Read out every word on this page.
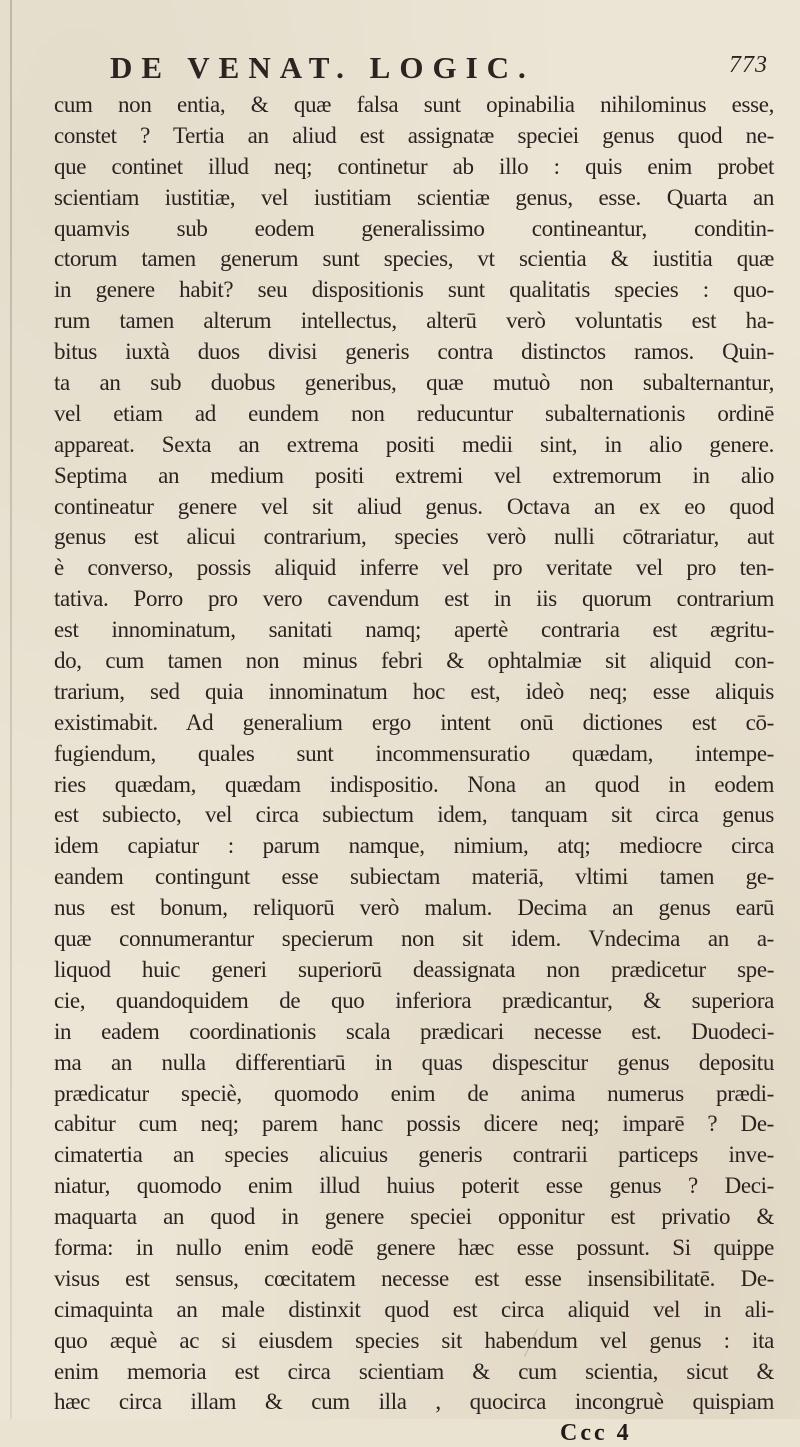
DE VENAT. LOGIC.	773
cum non entia, & quæ falsa sunt opinabilia nihilominus esse,
constet ? Tertia an aliud est assignatæ speciei genus quod ne-
que continet illud neq; continetur ab illo : quis enim probet
scientiam iustitiæ, vel iustitiam scientiæ genus, esse. Quarta an
quamvis sub eodem generalissimo contineantur, conditin-
ctorum tamen generum sunt species, vt scientia & iustitia quæ
in genere habit? seu dispositionis sunt qualitatis species : quo-
rum tamen alterum intellectus, alterū verò voluntatis est ha-
bitus iuxtà duos divisi generis contra distinctos ramos. Quin-
ta an sub duobus generibus, quæ mutuò non subalternantur,
vel etiam ad eundem non reducuntur subalternationis ordinē
appareat. Sexta an extrema positi medii sint, in alio genere.
Septima an medium positi extremi vel extremorum in alio
contineatur genere vel sit aliud genus. Octava an ex eo quod
genus est alicui contrarium, species verò nulli cōtrariatur, aut
è converso, possis aliquid inferre vel pro veritate vel pro ten-
tativa. Porro pro vero cavendum est in iis quorum contrarium
est innominatum, sanitati namq; apertè contraria est ægritu-
do, cum tamen non minus febri & ophtalmiæ sit aliquid con-
trarium, sed quia innominatum hoc est, ideò neq; esse aliquis
existimabit. Ad generalium ergo intent onū dictiones est cō-
fugiendum, quales sunt incommensuratio quædam, intempe-
ries quædam, quædam indispositio. Nona an quod in eodem
est subiecto, vel circa subiectum idem, tanquam sit circa genus
idem capiatur : parum namque, nimium, atq; mediocre circa
eandem contingunt esse subiectam materiā, vltimi tamen ge-
nus est bonum, reliquorū verò malum. Decima an genus earū
quæ connumerantur specierum non sit idem. Vndecima an a-
liquod huic generi superiorū deassignata non prædicetur spe-
cie, quandoquidem de quo inferiora prædicantur, & superiora
in eadem coordinationis scala prædicari necesse est. Duodeci-
ma an nulla differentiarū in quas dispescitur genus depositu
prædicatur speciè, quomodo enim de anima numerus prædi-
cabitur cum neq; parem hanc possis dicere neq; imparē ? De-
cimatertia an species alicuius generis contrarii particeps inve-
niatur, quomodo enim illud huius poterit esse genus ? Deci-
maquarta an quod in genere speciei opponitur est privatio &
forma: in nullo enim eodē genere hæc esse possunt. Si quippe
visus est sensus, cœcitatem necesse est esse insensibilitatē. De-
cimaquinta an male distinxit quod est circa aliquid vel in ali-
quo æquè ac si eiusdem species sit habendum vel genus : ita
enim memoria est circa scientiam & cum scientia, sicut &
hæc circa illam & cum illa , quocirca incongruè quispiam
Ccc 4
